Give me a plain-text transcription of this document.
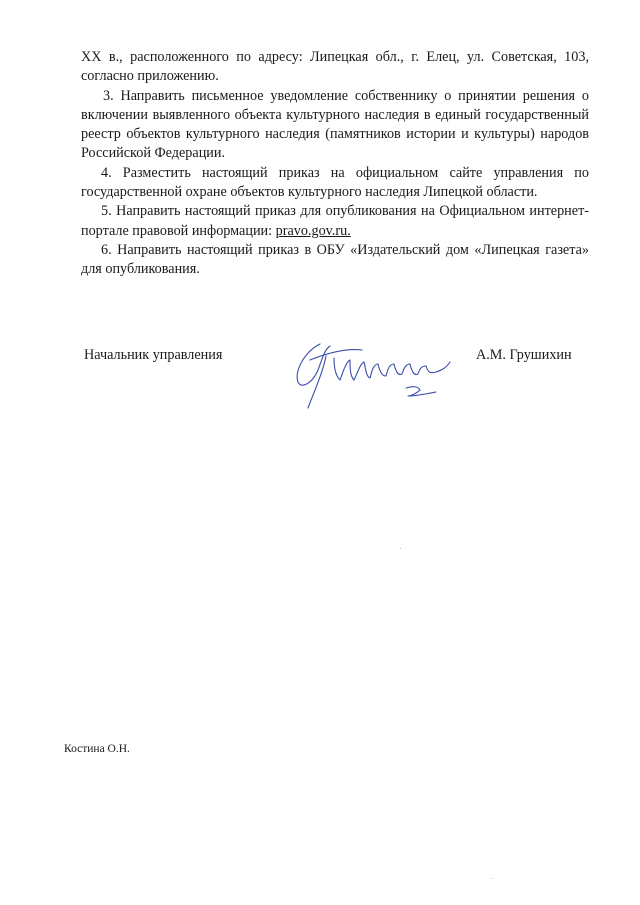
XX в., расположенного по адресу: Липецкая обл., г. Елец, ул. Советская, 103, согласно приложению.

3. Направить письменное уведомление собственнику о принятии решения о включении выявленного объекта культурного наследия в единый государственный реестр объектов культурного наследия (памятников истории и культуры) народов Российской Федерации.

4. Разместить настоящий приказ на официальном сайте управления по государственной охране объектов культурного наследия Липецкой области.

5. Направить настоящий приказ для опубликования на Официальном интернет-портале правовой информации: pravo.gov.ru.

6. Направить настоящий приказ в ОБУ «Издательский дом «Липецкая газета» для опубликования.

Начальник управления	А.М. Грушихин
Костина О.Н.
